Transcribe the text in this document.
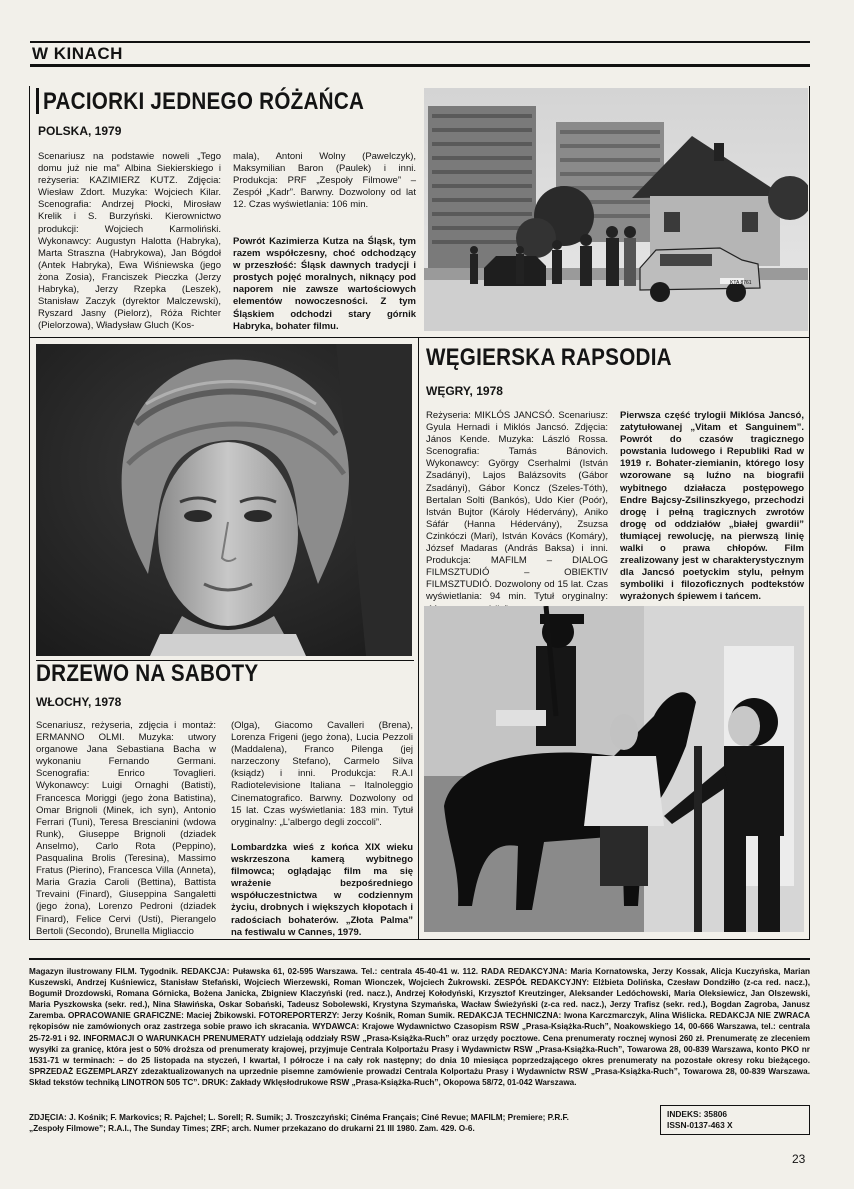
W KINACH
PACIORKI JEDNEGO RÓŻAŃCA
POLSKA, 1979
Scenariusz na podstawie noweli „Tego domu już nie ma” Albina Siekierskiego i reżyseria: KAZIMIERZ KUTZ. Zdjęcia: Wiesław Zdort. Muzyka: Wojciech Kilar. Scenografia: Andrzej Płocki, Mirosław Krelik i S. Burzyński. Kierownictwo produkcji: Wojciech Karmoliński. Wykonawcy: Augustyn Halotta (Habryka), Marta Straszna (Habrykowa), Jan Bógdoł (Antek Habryka), Ewa Wiśniewska (jego żona Zosia), Franciszek Pieczka (Jerzy Habryka), Jerzy Rzepka (Leszek), Stanisław Zaczyk (dyrektor Malczewski), Ryszard Jasny (Pielorz), Róża Richter (Pielorzowa), Władysław Gluch (Kos-
mala), Antoni Wolny (Pawelczyk), Maksymilian Baron (Paulek) i inni. Produkcja: PRF „Zespoły Filmowe” – Zespół „Kadr”. Barwny. Dozwolony od lat 12. Czas wyświetlania: 106 min.
Powrót Kazimierza Kutza na Śląsk, tym razem współczesny, choć odchodzący w przeszłość: Śląsk dawnych tradycji i prostych pojęć moralnych, niknący pod naporem nie zawsze wartościowych elementów nowoczesności. Z tym Śląskiem odchodzi stary górnik Habryka, bohater filmu.
KTA 8761
WĘGIERSKA RAPSODIA
WĘGRY, 1978
Reżyseria: MIKLÓS JANCSÓ. Scenariusz: Gyula Hernadi i Miklós Jancsó. Zdjęcia: János Kende. Muzyka: László Rossa. Scenografia: Tamás Bánovich. Wykonawcy: György Cserhalmi (István Zsadányi), Lajos Balázsovits (Gábor Zsadányi), Gábor Koncz (Szeles-Tóth), Bertalan Solti (Bankós), Udo Kier (Poór), István Bujtor (Károly Hédervány), Aniko Sáfár (Hanna Hédervány), Zsuzsa Czinkóczi (Mari), István Kovács (Komáry), József Madaras (András Baksa) i inni. Produkcja: MAFILM – DIALOG FILMSZTUDIÓ – OBIEKTIV FILMSZTUDIÓ. Dozwolony od 15 lat. Czas wyświetlania: 94 min. Tytuł oryginalny:
Pierwsza część trylogii Miklósa Jancsó, zatytułowanej „Vitam et Sanguinem”. Powrót do czasów tragicznego powstania ludowego i Republiki Rad w 1919 r. Bohater-ziemianin, którego losy wzorowane są luźno na biografii wybitnego działacza postępowego Endre Bajcsy-Zsilinszkyego, przechodzi drogę i pełną tragicznych zwrotów drogę od oddziałów „białej gwardii” tłumiącej rewolucję, na pierwszą linię walki o prawa chłopów. Film zrealizowany jest w charakterystycznym dla Jancsó poetyckim stylu, pełnym symboliki i filozoficznych podtekstów wyrażonych śpiewem i tańcem.
DRZEWO NA SABOTY
WŁOCHY, 1978
Scenariusz, reżyseria, zdjęcia i montaż: ERMANNO OLMI. Muzyka: utwory organowe Jana Sebastiana Bacha w wykonaniu Fernando Germani. Scenografia: Enrico Tovaglieri. Wykonawcy: Luigi Ornaghi (Batisti), Francesca Moriggi (jego żona Batistina), Omar Brignoli (Minek, ich syn), Antonio Ferrari (Tuni), Teresa Brescianini (wdowa Runk), Giuseppe Brignoli (dziadek Anselmo), Carlo Rota (Peppino), Pasqualina Brolis (Teresina), Massimo Fratus (Pierino), Francesca Villa (Anneta), Maria Grazia Caroli (Bettina), Battista Trevaini (Finard), Giuseppina Sangaletti (jego żona), Lorenzo Pedroni (dziadek Finard), Felice Cervi (Usti), Pierangelo Bertoli (Secondo), Brunella Migliaccio
(Olga), Giacomo Cavalleri (Brena), Lorenza Frigeni (jego żona), Lucia Pezzoli (Maddalena), Franco Pilenga (jej narzeczony Stefano), Carmelo Silva (ksiądz) i inni. Produkcja: R.A.I Radiotelevisione Italiana – Italnoleggio Cinematografico. Barwny. Dozwolony od 15 lat. Czas wyświetlania: 183 min. Tytuł oryginalny: „L'albergo degli zoccoli”.
Lombardzka wieś z końca XIX wieku wskrzeszona kamerą wybitnego filmowca; oglądając film ma się wrażenie bezpośredniego współuczestnictwa w codziennym życiu, drobnych i większych kłopotach i radościach bohaterów. „Złota Palma” na festiwalu w Cannes, 1979.
Magazyn ilustrowany FILM. Tygodnik. REDAKCJA: Puławska 61, 02-595 Warszawa. Tel.: centrala 45-40-41 w. 112. RADA REDAKCYJNA: Maria Kornatowska, Jerzy Kossak, Alicja Kuczyńska, Marian Kuszewski, Andrzej Kuśniewicz, Stanisław Stefański, Wojciech Wierzewski, Roman Wionczek, Wojciech Żukrowski. ZESPÓŁ REDAKCYJNY: Elżbieta Dolińska, Czesław Dondziłło (z-ca red. nacz.), Bogumił Drozdowski, Romana Górnicka, Bożena Janicka, Zbigniew Klaczyński (red. nacz.), Andrzej Kołodyński, Krzysztof Kreutzinger, Aleksander Ledóchowski, Maria Oleksiewicz, Jan Olszewski, Maria Pyszkowska (sekr. red.), Nina Sławińska, Oskar Sobański, Tadeusz Sobolewski, Krystyna Szymańska, Wacław Świeżyński (z-ca red. nacz.), Jerzy Trafisz (sekr. red.), Bogdan Zagroba, Janusz Zaremba. OPRACOWANIE GRAFICZNE: Maciej Żbikowski. FOTOREPORTERZY: Jerzy Kośnik, Roman Sumik. REDAKCJA TECHNICZNA: Iwona Karczmarczyk, Alina Wiślicka. REDAKCJA NIE ZWRACA rękopisów nie zamówionych oraz zastrzega sobie prawo ich skracania. WYDAWCA: Krajowe Wydawnictwo Czasopism RSW „Prasa-Książka-Ruch”, Noakowskiego 14, 00-666 Warszawa, tel.: centrala 25-72-91 i 92. INFORMACJI O WARUNKACH PRENUMERATY udzielają oddziały RSW „Prasa-Książka-Ruch” oraz urzędy pocztowe. Cena prenumeraty rocznej wynosi 260 zł. Prenumeratę ze zleceniem wysyłki za granicę, która jest o 50% droższa od prenumeraty krajowej, przyjmuje Centrala Kolportażu Prasy i Wydawnictw RSW „Prasa-Książka-Ruch”, Towarowa 28, 00-839 Warszawa, konto PKO nr 1531-71 w terminach: – do 25 listopada na styczeń, I kwartał, I półrocze i na cały rok następny; do dnia 10 miesiąca poprzedzającego okres prenumeraty na pozostałe okresy roku bieżącego. SPRZEDAŻ EGZEMPLARZY zdezaktualizowanych na uprzednie pisemne zamówienie prowadzi Centrala Kolportażu Prasy i Wydawnictw RSW „Prasa-Książka-Ruch”, Towarowa 28, 00-839 Warszawa. Skład tekstów techniką LINOTRON 505 TC”. DRUK: Zakłady Wklęsłodrukowe RSW „Prasa-Książka-Ruch”, Okopowa 58/72, 01-042 Warszawa.
ZDJĘCIA: J. Kośnik; F. Markovics; R. Pajchel; L. Sorell; R. Sumik; J. Troszczyński; Cinéma Français; Ciné Revue; MAFILM; Premiere; P.R.F. „Zespoły Filmowe”; R.A.I., The Sunday Times; ZRF; arch. Numer przekazano do drukarni 21 III 1980. Zam. 429. O-6.
INDEKS: 35806
ISSN-0137-463 X
23
